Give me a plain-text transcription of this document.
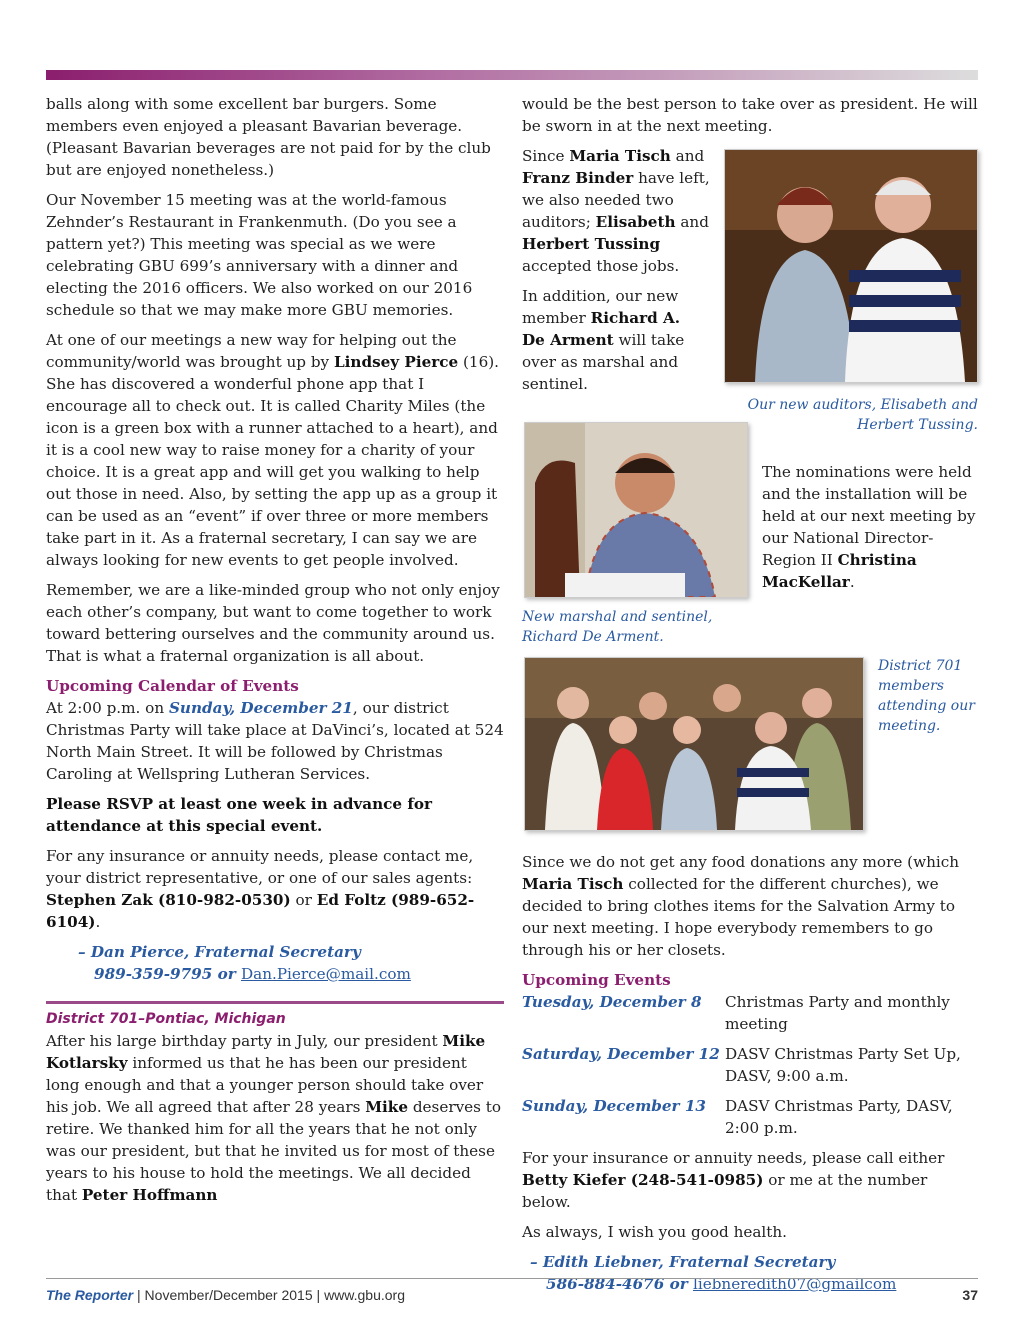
balls along with some excellent bar burgers. Some members even enjoyed a pleasant Bavarian beverage. (Pleasant Bavarian beverages are not paid for by the club but are enjoyed nonetheless.)

Our November 15 meeting was at the world-famous Zehnder’s Restaurant in Frankenmuth. (Do you see a pattern yet?) This meeting was special as we were celebrating GBU 699’s anniversary with a dinner and electing the 2016 officers. We also worked on our 2016 schedule so that we may make more GBU memories.

At one of our meetings a new way for helping out the community/world was brought up by Lindsey Pierce (16). She has discovered a wonderful phone app that I encourage all to check out. It is called Charity Miles (the icon is a green box with a runner attached to a heart), and it is a cool new way to raise money for a charity of your choice. It is a great app and will get you walking to help out those in need. Also, by setting the app up as a group it can be used as an “event” if over three or more members take part in it. As a fraternal secretary, I can say we are always looking for new events to get people involved.

Remember, we are a like-minded group who not only enjoy each other’s company, but want to come together to work toward bettering ourselves and the community around us. That is what a fraternal organization is all about.

Upcoming Calendar of Events

At 2:00 p.m. on Sunday, December 21, our district Christmas Party will take place at DaVinci’s, located at 524 North Main Street. It will be followed by Christmas Caroling at Wellspring Lutheran Services.

Please RSVP at least one week in advance for attendance at this special event.

For any insurance or annuity needs, please contact me, your district representative, or one of our sales agents: Stephen Zak (810-982-0530) or Ed Foltz (989-652-6104).

– Dan Pierce, Fraternal Secretary
989-359-9795 or Dan.Pierce@mail.com
District 701–Pontiac, Michigan

After his large birthday party in July, our president Mike Kotlarsky informed us that he has been our president long enough and that a younger person should take over his job. We all agreed that after 28 years Mike deserves to retire. We thanked him for all the years that he not only was our president, but that he invited us for most of these years to his house to hold the meetings. We all decided that Peter Hoffmann

would be the best person to take over as president. He will be sworn in at the next meeting.

Since Maria Tisch and Franz Binder have left, we also needed two auditors; Elisabeth and Herbert Tussing accepted those jobs.

In addition, our new member Richard A. De Arment will take over as marshal and sentinel.

Our new auditors, Elisabeth and Herbert Tussing.

The nominations were held and the installation will be held at our next meeting by our National Director-Region II Christina MacKellar.

New marshal and sentinel, Richard De Arment.
District 701 members attending our meeting.

Since we do not get any food donations any more (which Maria Tisch collected for the different churches), we decided to bring clothes items for the Salvation Army to our next meeting. I hope everybody remembers to go through his or her closets.

Upcoming Events
Tuesday, December 8	Christmas Party and monthly meeting
Saturday, December 12 DASV Christmas Party Set Up, DASV, 9:00 a.m.
Sunday, December 13	DASV Christmas Party, DASV, 2:00 p.m.

For your insurance or annuity needs, please call either Betty Kiefer (248-541-0985) or me at the number below.

As always, I wish you good health.

– Edith Liebner, Fraternal Secretary
586-884-4676 or liebneredith07@gmailcom
The Reporter | November/December 2015 | www.gbu.org	37
